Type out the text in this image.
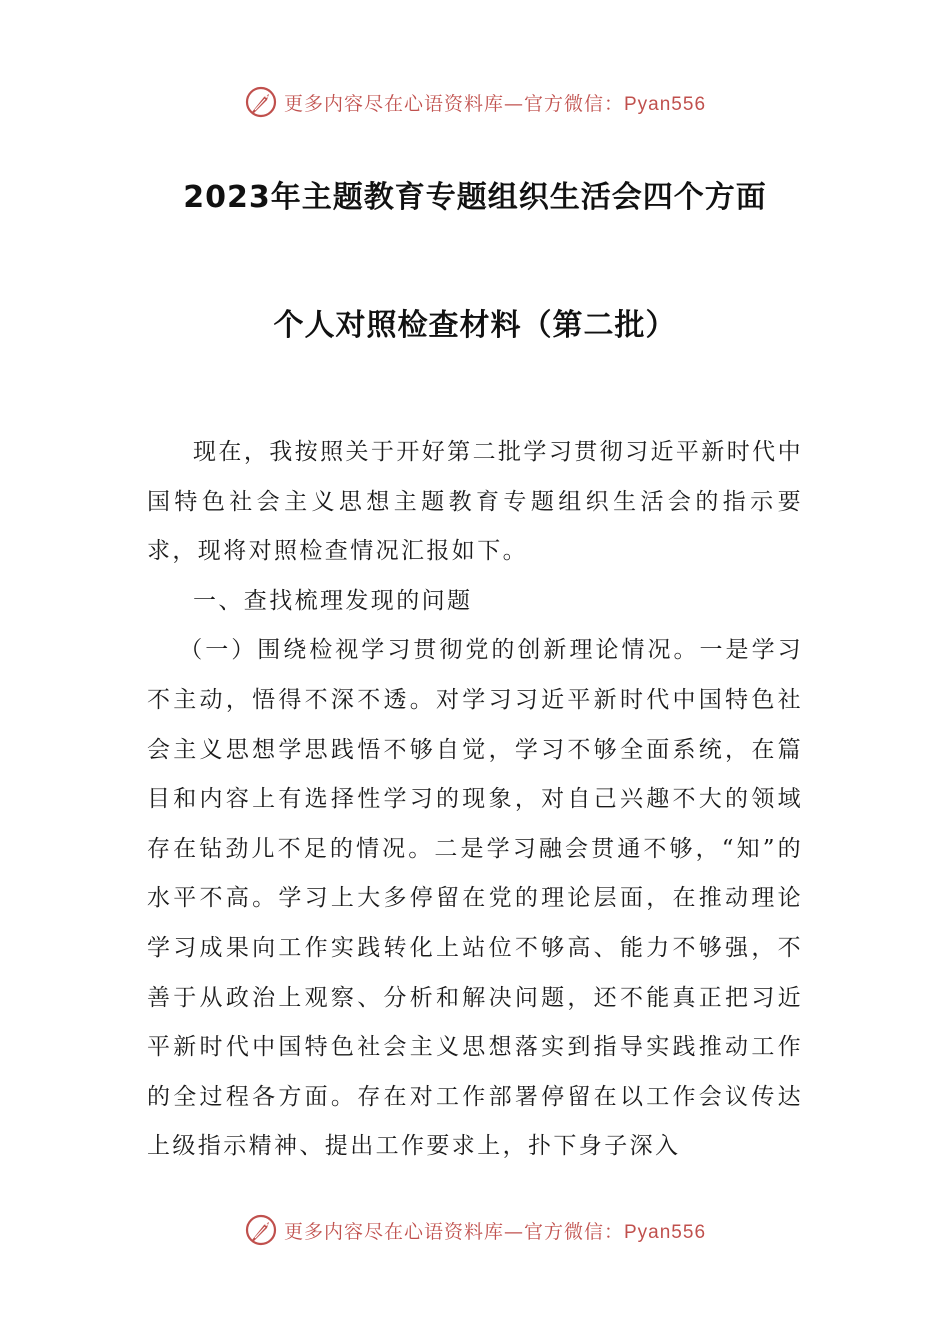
更多内容尽在心语资料库—官方微信：Pyan556
2023年主题教育专题组织生活会四个方面
个人对照检查材料（第二批）

现在，我按照关于开好第二批学习贯彻习近平新时代中国特色社会主义思想主题教育专题组织生活会的指示要求，现将对照检查情况汇报如下。

一、查找梳理发现的问题

（一）围绕检视学习贯彻党的创新理论情况。一是学习不主动，悟得不深不透。对学习习近平新时代中国特色社会主义思想学思践悟不够自觉，学习不够全面系统，在篇目和内容上有选择性学习的现象，对自己兴趣不大的领域存在钻劲儿不足的情况。二是学习融会贯通不够，“知”的水平不高。学习上大多停留在党的理论层面，在推动理论学习成果向工作实践转化上站位不够高、能力不够强，不善于从政治上观察、分析和解决问题，还不能真正把习近平新时代中国特色社会主义思想落实到指导实践推动工作的全过程各方面。存在对工作部署停留在以工作会议传达上级指示精神、提出工作要求上，扑下身子深入

更多内容尽在心语资料库—官方微信：Pyan556
